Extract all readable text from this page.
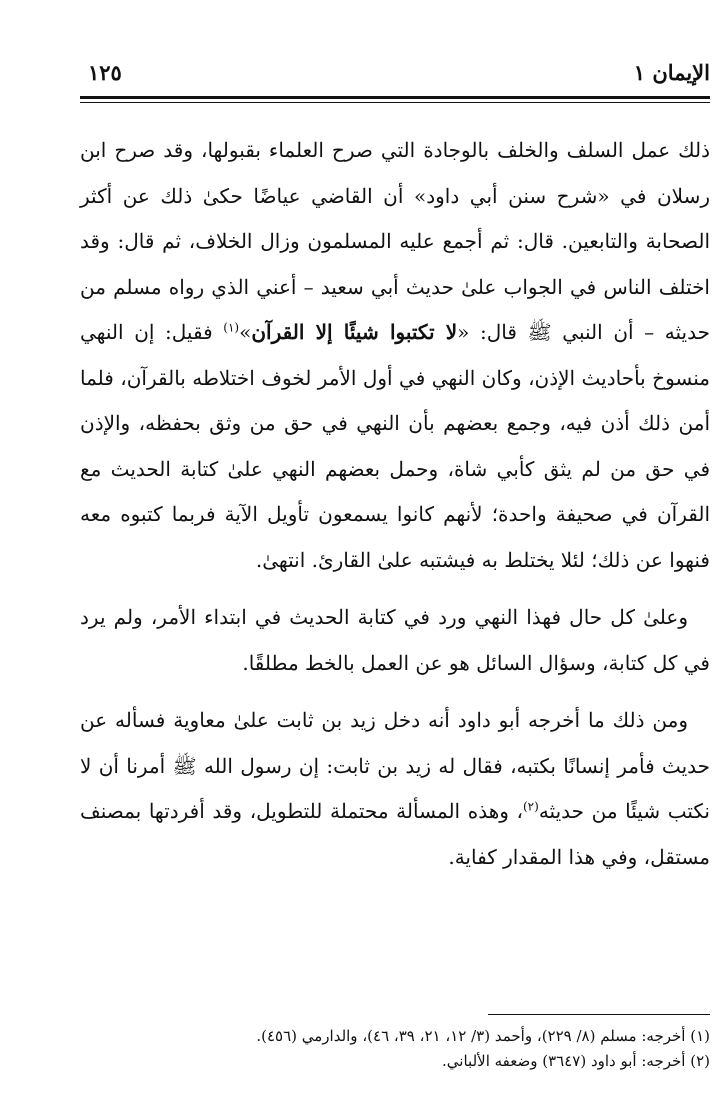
الإيمان ١
١٢٥

ذلك عمل السلف والخلف بالوجادة التي صرح العلماء بقبولها، وقد صرح ابن رسلان في «شرح سنن أبي داود» أن القاضي عياضًا حكىٰ ذلك عن أكثر الصحابة والتابعين. قال: ثم أجمع عليه المسلمون وزال الخلاف، ثم قال: وقد اختلف الناس في الجواب علىٰ حديث أبي سعيد – أعني الذي رواه مسلم من حديثه – أن النبي ﷺ قال: «لا تكتبوا شيئًا إلا القرآن»$^{(١)}$ فقيل: إن النهي منسوخ بأحاديث الإذن، وكان النهي في أول الأمر لخوف اختلاطه بالقرآن، فلما أمن ذلك أذن فيه، وجمع بعضهم بأن النهي في حق من وثق بحفظه، والإذن في حق من لم يثق كأبي شاة، وحمل بعضهم النهي علىٰ كتابة الحديث مع القرآن في صحيفة واحدة؛ لأنهم كانوا يسمعون تأويل الآية فربما كتبوه معه فنهوا عن ذلك؛ لئلا يختلط به فيشتبه علىٰ القارئ. انتهىٰ.

وعلىٰ كل حال فهذا النهي ورد في كتابة الحديث في ابتداء الأمر، ولم يرد في كل كتابة، وسؤال السائل هو عن العمل بالخط مطلقًا.

ومن ذلك ما أخرجه أبو داود أنه دخل زيد بن ثابت علىٰ معاوية فسأله عن حديث فأمر إنسانًا بكتبه، فقال له زيد بن ثابت: إن رسول الله ﷺ أمرنا أن لا نكتب شيئًا من حديثه$^{(٢)}$، وهذه المسألة محتملة للتطويل، وقد أفردتها بمصنف مستقل، وفي هذا المقدار كفاية.

(١) أخرجه: مسلم (٨/ ٢٢٩)، وأحمد (٣/ ١٢، ٢١، ٣٩، ٤٦)، والدارمي (٤٥٦).
(٢) أخرجه: أبو داود (٣٦٤٧) وضعفه الألباني.
